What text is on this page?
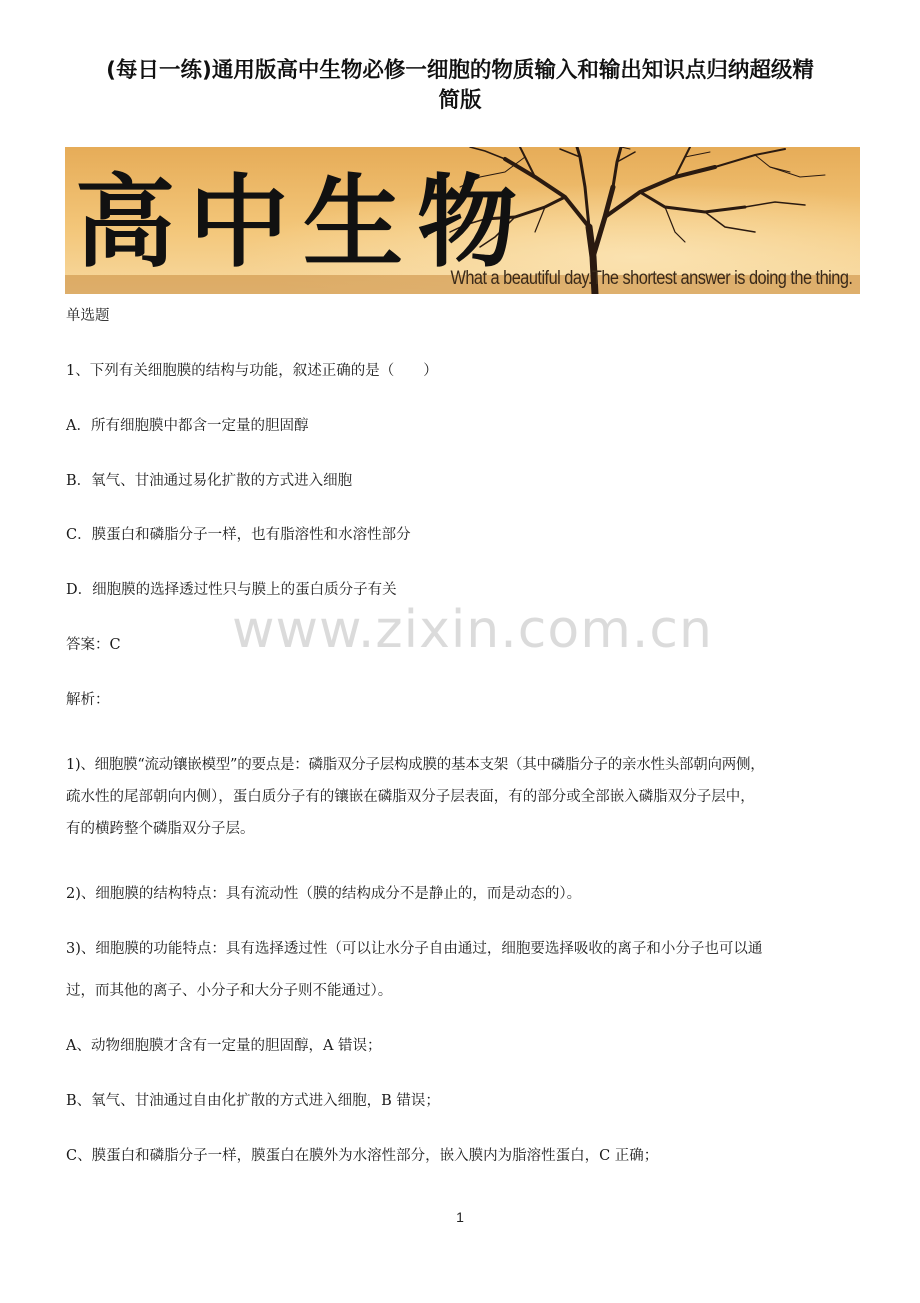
(每日一练)通用版高中生物必修一细胞的物质输入和输出知识点归纳超级精
简版
高中生物
What a beautiful day.The shortest answer is doing the thing.
单选题
1、下列有关细胞膜的结构与功能，叙述正确的是（　　）
A．所有细胞膜中都含一定量的胆固醇
B．氧气、甘油通过易化扩散的方式进入细胞
C．膜蛋白和磷脂分子一样，也有脂溶性和水溶性部分
D．细胞膜的选择透过性只与膜上的蛋白质分子有关
答案：C
解析：
1)、细胞膜“流动镶嵌模型”的要点是：磷脂双分子层构成膜的基本支架（其中磷脂分子的亲水性头部朝向两侧，
疏水性的尾部朝向内侧），蛋白质分子有的镶嵌在磷脂双分子层表面，有的部分或全部嵌入磷脂双分子层中，
有的横跨整个磷脂双分子层。
2)、细胞膜的结构特点：具有流动性（膜的结构成分不是静止的，而是动态的）。
3)、细胞膜的功能特点：具有选择透过性（可以让水分子自由通过，细胞要选择吸收的离子和小分子也可以通
过，而其他的离子、小分子和大分子则不能通过）。
A、动物细胞膜才含有一定量的胆固醇，A 错误；
B、氧气、甘油通过自由化扩散的方式进入细胞，B 错误；
C、膜蛋白和磷脂分子一样，膜蛋白在膜外为水溶性部分，嵌入膜内为脂溶性蛋白，C 正确；
www.zixin.com.cn
1
